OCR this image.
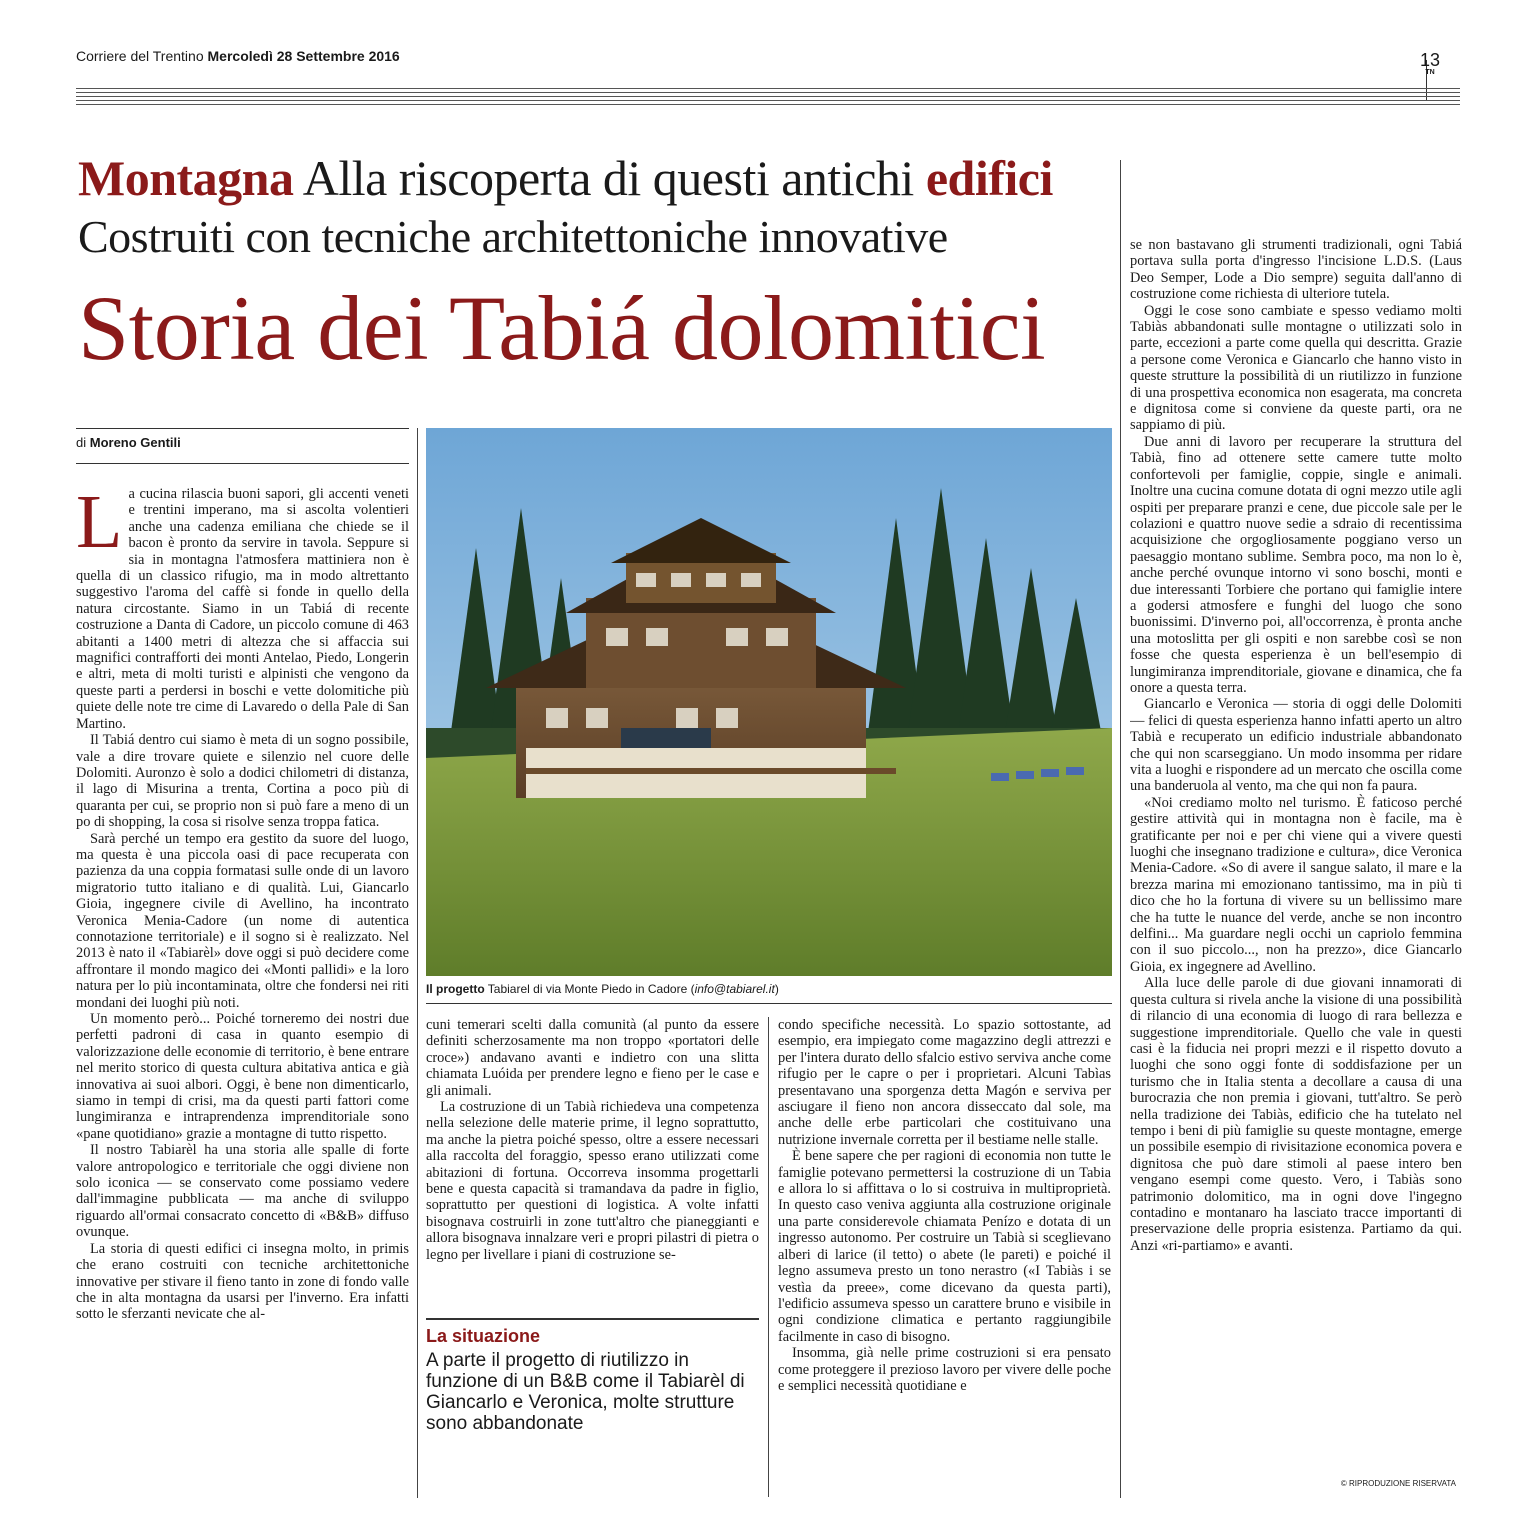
Corriere del Trentino Mercoledì 28 Settembre 2016	13
TN
Montagna Alla riscoperta di questi antichi edifici
Costruiti con tecniche architettoniche innovative
Storia dei Tabiá dolomitici
di Moreno Gentili
L a cucina rilascia buoni sapori, gli accenti veneti e trentini imperano, ma si ascolta volentieri anche una cadenza emiliana che chiede se il bacon è pronto da servire in tavola. Seppure si sia in montagna l'atmosfera mattiniera non è quella di un classico rifugio, ma in modo altrettanto suggestivo l'aroma del caffè si fonde in quello della natura circostante. Siamo in un Tabiá di recente costruzione a Danta di Cadore, un piccolo comune di 463 abitanti a 1400 metri di altezza che si affaccia sui magnifici contrafforti dei monti Antelao, Piedo, Longerin e altri, meta di molti turisti e alpinisti che vengono da queste parti a perdersi in boschi e vette dolomitiche più quiete delle note tre cime di Lavaredo o della Pale di San Martino.

Il Tabiá dentro cui siamo è meta di un sogno possibile, vale a dire trovare quiete e silenzio nel cuore delle Dolomiti. Auronzo è solo a dodici chilometri di distanza, il lago di Misurina a trenta, Cortina a poco più di quaranta per cui, se proprio non si può fare a meno di un po di shopping, la cosa si risolve senza troppa fatica.

Sarà perché un tempo era gestito da suore del luogo, ma questa è una piccola oasi di pace recuperata con pazienza da una coppia formatasi sulle onde di un lavoro migratorio tutto italiano e di qualità. Lui, Giancarlo Gioia, ingegnere civile di Avellino, ha incontrato Veronica Menia-Cadore (un nome di autentica connotazione territoriale) e il sogno si è realizzato. Nel 2013 è nato il «Tabiarèl» dove oggi si può decidere come affrontare il mondo magico dei «Monti pallidi» e la loro natura per lo più incontaminata, oltre che fondersi nei riti mondani dei luoghi più noti.

Un momento però... Poiché torneremo dei nostri due perfetti padroni di casa in quanto esempio di valorizzazione delle economie di territorio, è bene entrare nel merito storico di questa cultura abitativa antica e già innovativa ai suoi albori. Oggi, è bene non dimenticarlo, siamo in tempi di crisi, ma da questi parti fattori come lungimiranza e intraprendenza imprenditoriale sono «pane quotidiano» grazie a montagne di tutto rispetto.

Il nostro Tabiarèl ha una storia alle spalle di forte valore antropologico e territoriale che oggi diviene non solo iconica — se conservato come possiamo vedere dall'immagine pubblicata — ma anche di sviluppo riguardo all'ormai consacrato concetto di «B&B» diffuso ovunque.

La storia di questi edifici ci insegna molto, in primis che erano costruiti con tecniche architettoniche innovative per stivare il fieno tanto in zone di fondo valle che in alta montagna da usarsi per l'inverno. Era infatti sotto le sferzanti nevicate che al-

Il progetto Tabiarel di via Monte Piedo in Cadore (info@tabiarel.it)

cuni temerari scelti dalla comunità (al punto da essere definiti scherzosamente ma non troppo «portatori delle croce») andavano avanti e indietro con una slitta chiamata Luóida per prendere legno e fieno per le case e gli animali.

La costruzione di un Tabià richiedeva una competenza nella selezione delle materie prime, il legno soprattutto, ma anche la pietra poiché spesso, oltre a essere necessari alla raccolta del foraggio, spesso erano utilizzati come abitazioni di fortuna. Occorreva insomma progettarli bene e questa capacità si tramandava da padre in figlio, soprattutto per questioni di logistica. A volte infatti bisognava costruirli in zone tutt'altro che pianeggianti e allora bisognava innalzare veri e propri pilastri di pietra o legno per livellare i piani di costruzione se-

La situazione
A parte il progetto di riutilizzo in funzione di un B&B come il Tabiarèl di Giancarlo e Veronica, molte strutture sono abbandonate

condo specifiche necessità. Lo spazio sottostante, ad esempio, era impiegato come magazzino degli attrezzi e per l'intera durato dello sfalcio estivo serviva anche come rifugio per le capre o per i proprietari. Alcuni Tabìas presentavano una sporgenza detta Magón e serviva per asciugare il fieno non ancora disseccato dal sole, ma anche delle erbe particolari che costituivano una nutrizione invernale corretta per il bestiame nelle stalle.

È bene sapere che per ragioni di economia non tutte le famiglie potevano permettersi la costruzione di un Tabia e allora lo si affittava o lo si costruiva in multiproprietà. In questo caso veniva aggiunta alla costruzione originale una parte considerevole chiamata Penízo e dotata di un ingresso autonomo. Per costruire un Tabià si sceglievano alberi di larice (il tetto) o abete (le pareti) e poiché il legno assumeva presto un tono nerastro («I Tabiàs i se vestìa da preee», come dicevano da questa parti), l'edificio assumeva spesso un carattere bruno e visibile in ogni condizione climatica e pertanto raggiungibile facilmente in caso di bisogno.

Insomma, già nelle prime costruzioni si era pensato come proteggere il prezioso lavoro per vivere delle poche e semplici necessità quotidiane e

se non bastavano gli strumenti tradizionali, ogni Tabiá portava sulla porta d'ingresso l'incisione L.D.S. (Laus Deo Semper, Lode a Dio sempre) seguita dall'anno di costruzione come richiesta di ulteriore tutela.

Oggi le cose sono cambiate e spesso vediamo molti Tabiàs abbandonati sulle montagne o utilizzati solo in parte, eccezioni a parte come quella qui descritta. Grazie a persone come Veronica e Giancarlo che hanno visto in queste strutture la possibilità di un riutilizzo in funzione di una prospettiva economica non esagerata, ma concreta e dignitosa come si conviene da queste parti, ora ne sappiamo di più.

Due anni di lavoro per recuperare la struttura del Tabià, fino ad ottenere sette camere tutte molto confortevoli per famiglie, coppie, single e animali. Inoltre una cucina comune dotata di ogni mezzo utile agli ospiti per preparare pranzi e cene, due piccole sale per le colazioni e quattro nuove sedie a sdraio di recentissima acquisizione che orgogliosamente poggiano verso un paesaggio montano sublime. Sembra poco, ma non lo è, anche perché ovunque intorno vi sono boschi, monti e due interessanti Torbiere che portano qui famiglie intere a godersi atmosfere e funghi del luogo che sono buonissimi. D'inverno poi, all'occorrenza, è pronta anche una motoslitta per gli ospiti e non sarebbe così se non fosse che questa esperienza è un bell'esempio di lungimiranza imprenditoriale, giovane e dinamica, che fa onore a questa terra.

Giancarlo e Veronica — storia di oggi delle Dolomiti — felici di questa esperienza hanno infatti aperto un altro Tabià e recuperato un edificio industriale abbandonato che qui non scarseggiano. Un modo insomma per ridare vita a luoghi e rispondere ad un mercato che oscilla come una banderuola al vento, ma che qui non fa paura.

«Noi crediamo molto nel turismo. È faticoso perché gestire attività qui in montagna non è facile, ma è gratificante per noi e per chi viene qui a vivere questi luoghi che insegnano tradizione e cultura», dice Veronica Menia-Cadore. «So di avere il sangue salato, il mare e la brezza marina mi emozionano tantissimo, ma in più ti dico che ho la fortuna di vivere su un bellissimo mare che ha tutte le nuance del verde, anche se non incontro delfini... Ma guardare negli occhi un capriolo femmina con il suo piccolo..., non ha prezzo», dice Giancarlo Gioia, ex ingegnere ad Avellino.

Alla luce delle parole di due giovani innamorati di questa cultura si rivela anche la visione di una possibilità di rilancio di una economia di luogo di rara bellezza e suggestione imprenditoriale. Quello che vale in questi casi è la fiducia nei propri mezzi e il rispetto dovuto a luoghi che sono oggi fonte di soddisfazione per un turismo che in Italia stenta a decollare a causa di una burocrazia che non premia i giovani, tutt'altro. Se però nella tradizione dei Tabiàs, edificio che ha tutelato nel tempo i beni di più famiglie su queste montagne, emerge un possibile esempio di rivisitazione economica povera e dignitosa che può dare stimoli al paese intero ben vengano esempi come questo. Vero, i Tabiàs sono patrimonio dolomitico, ma in ogni dove l'ingegno contadino e montanaro ha lasciato tracce importanti di preservazione delle propria esistenza. Partiamo da qui. Anzi «ri-partiamo» e avanti.

© RIPRODUZIONE RISERVATA
